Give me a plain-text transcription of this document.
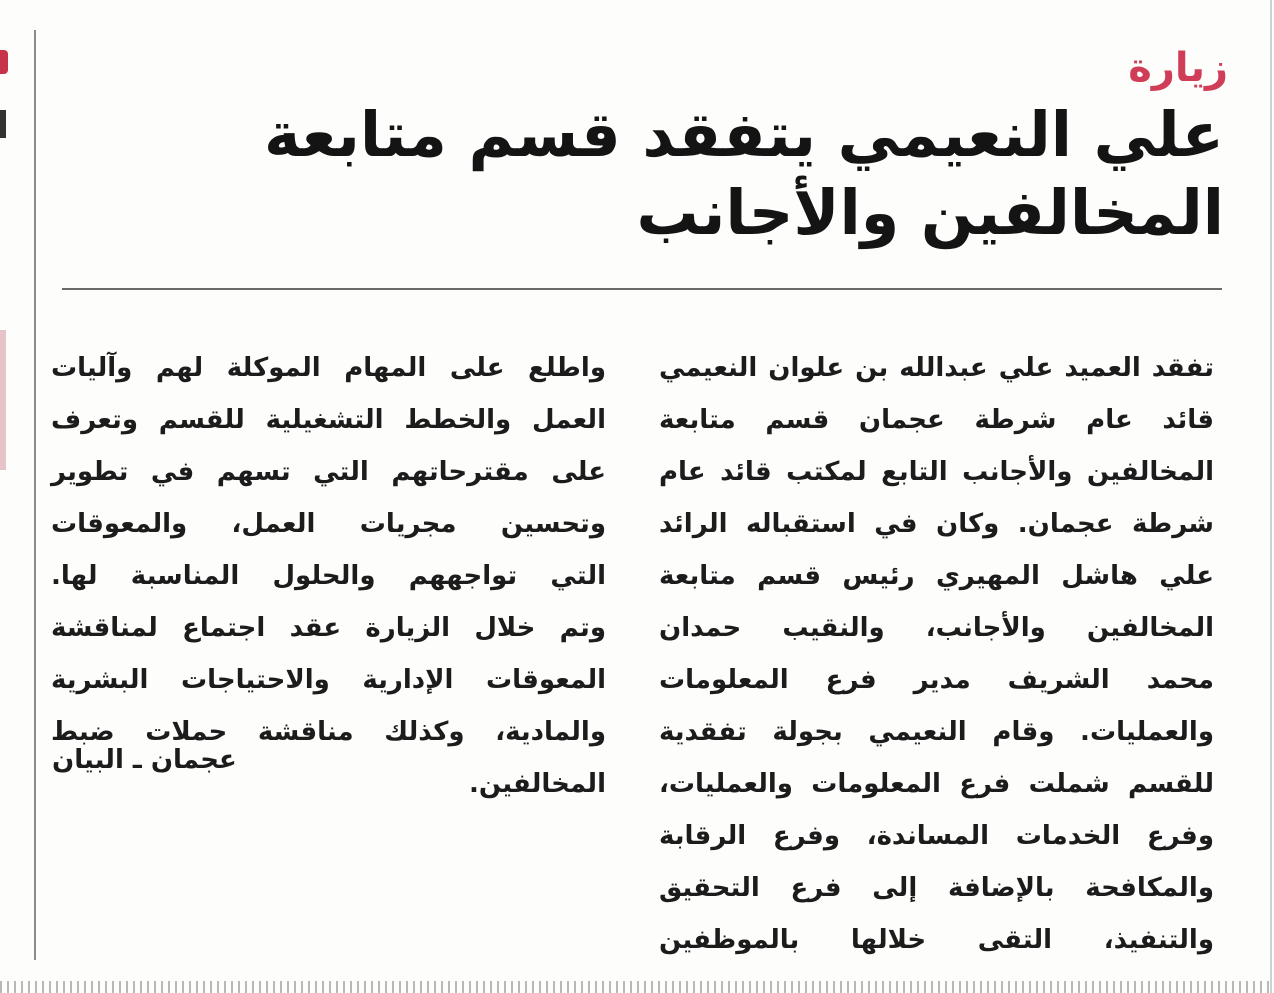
زيارة
علي النعيمي يتفقد قسم متابعة
المخالفين والأجانب
تفقد العميد علي عبدالله بن علوان النعيمي
قائد عام شرطة عجمان قسم متابعة
المخالفين والأجانب التابع لمكتب قائد عام
شرطة عجمان. وكان في استقباله الرائد
علي هاشل المهيري رئيس قسم متابعة
المخالفين والأجانب، والنقيب حمدان
محمد الشريف مدير فرع المعلومات
والعمليات. وقام النعيمي بجولة تفقدية
للقسم شملت فرع المعلومات والعمليات،
وفرع الخدمات المساندة، وفرع الرقابة
والمكافحة بالإضافة إلى فرع التحقيق
والتنفيذ، التقى خلالها بالموظفين
واطلع على المهام الموكلة لهم وآليات
العمل والخطط التشغيلية للقسم وتعرف
على مقترحاتهم التي تسهم في تطوير
وتحسين مجريات العمل، والمعوقات
التي تواجههم والحلول المناسبة لها.
وتم خلال الزيارة عقد اجتماع لمناقشة
المعوقات الإدارية والاحتياجات البشرية
والمادية، وكذلك مناقشة حملات ضبط
المخالفين.
عجمان ـ البيان
